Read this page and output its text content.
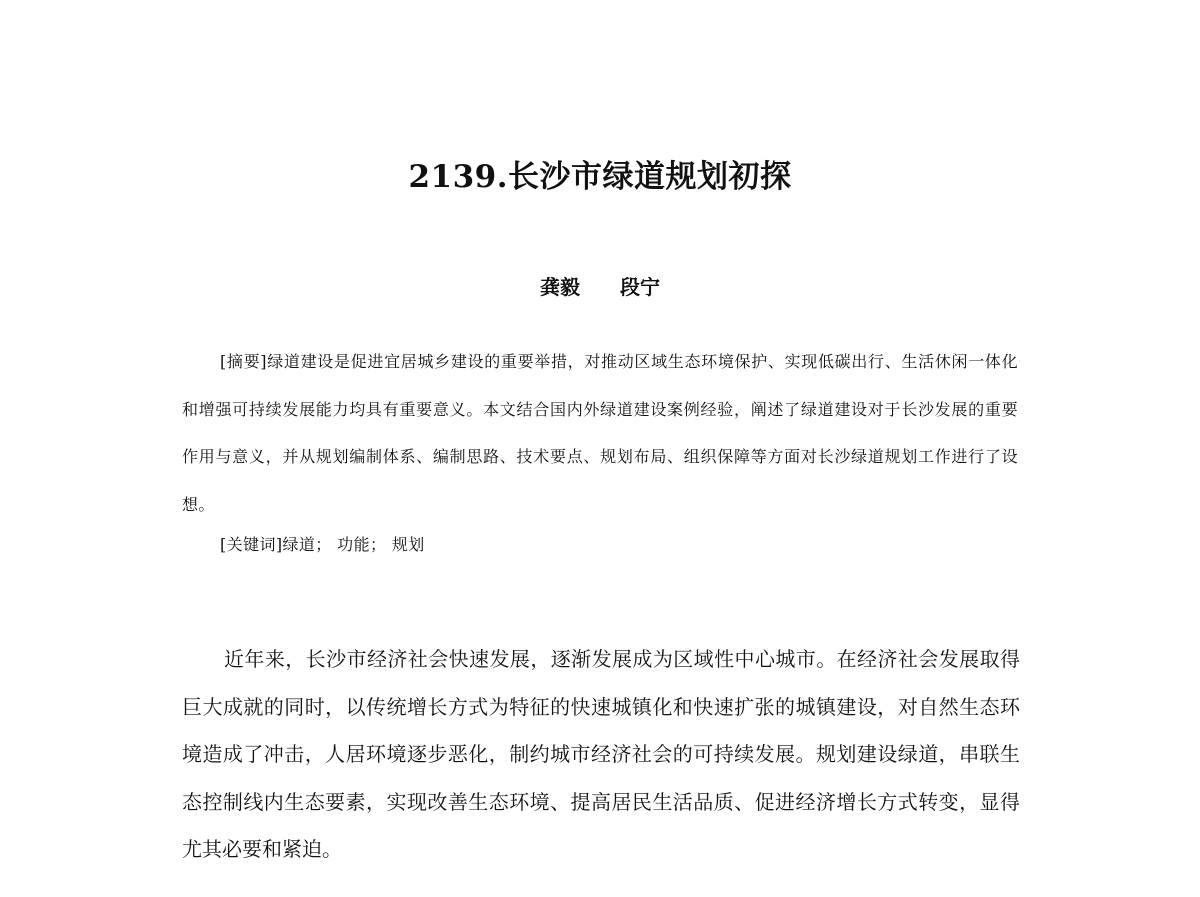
2139.长沙市绿道规划初探
龚毅 段宁

[摘要]绿道建设是促进宜居城乡建设的重要举措，对推动区域生态环境保护、实现低碳出行、生活休闲一体化和增强可持续发展能力均具有重要意义。本文结合国内外绿道建设案例经验，阐述了绿道建设对于长沙发展的重要作用与意义，并从规划编制体系、编制思路、技术要点、规划布局、组织保障等方面对长沙绿道规划工作进行了设想。

[关键词]绿道； 功能； 规划

近年来，长沙市经济社会快速发展，逐渐发展成为区域性中心城市。在经济社会发展取得巨大成就的同时，以传统增长方式为特征的快速城镇化和快速扩张的城镇建设，对自然生态环境造成了冲击，人居环境逐步恶化，制约城市经济社会的可持续发展。规划建设绿道，串联生态控制线内生态要素，实现改善生态环境、提高居民生活品质、促进经济增长方式转变，显得尤其必要和紧迫。
